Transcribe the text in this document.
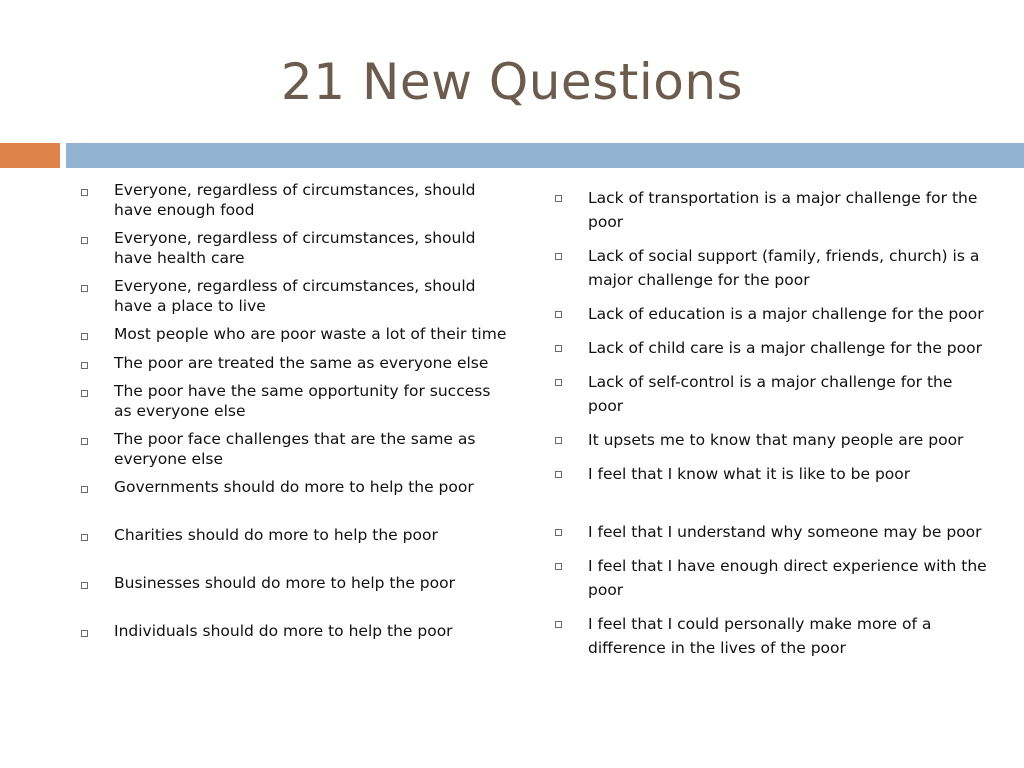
21 New Questions
Everyone, regardless of circumstances, should have enough food
Everyone, regardless of circumstances, should have health care
Everyone, regardless of circumstances, should have a place to live
Most people who are poor waste a lot of their time
The poor are treated the same as everyone else
The poor have the same opportunity for success as everyone else
The poor face challenges that are the same as everyone else
Governments should do more to help the poor
Charities should do more to help the poor
Businesses should do more to help the poor
Individuals should do more to help the poor
Lack of transportation is a major challenge for the poor
Lack of social support (family, friends, church) is a major challenge for the poor
Lack of education is a major challenge for the poor
Lack of child care is a major challenge for the poor
Lack of self-control is a major challenge for the poor
It upsets me to know that many people are poor
I feel that I know what it is like to be poor
I feel that I understand why someone may be poor
I feel that I have enough direct experience with the poor
I feel that I could personally make more of a difference in the lives of the poor
